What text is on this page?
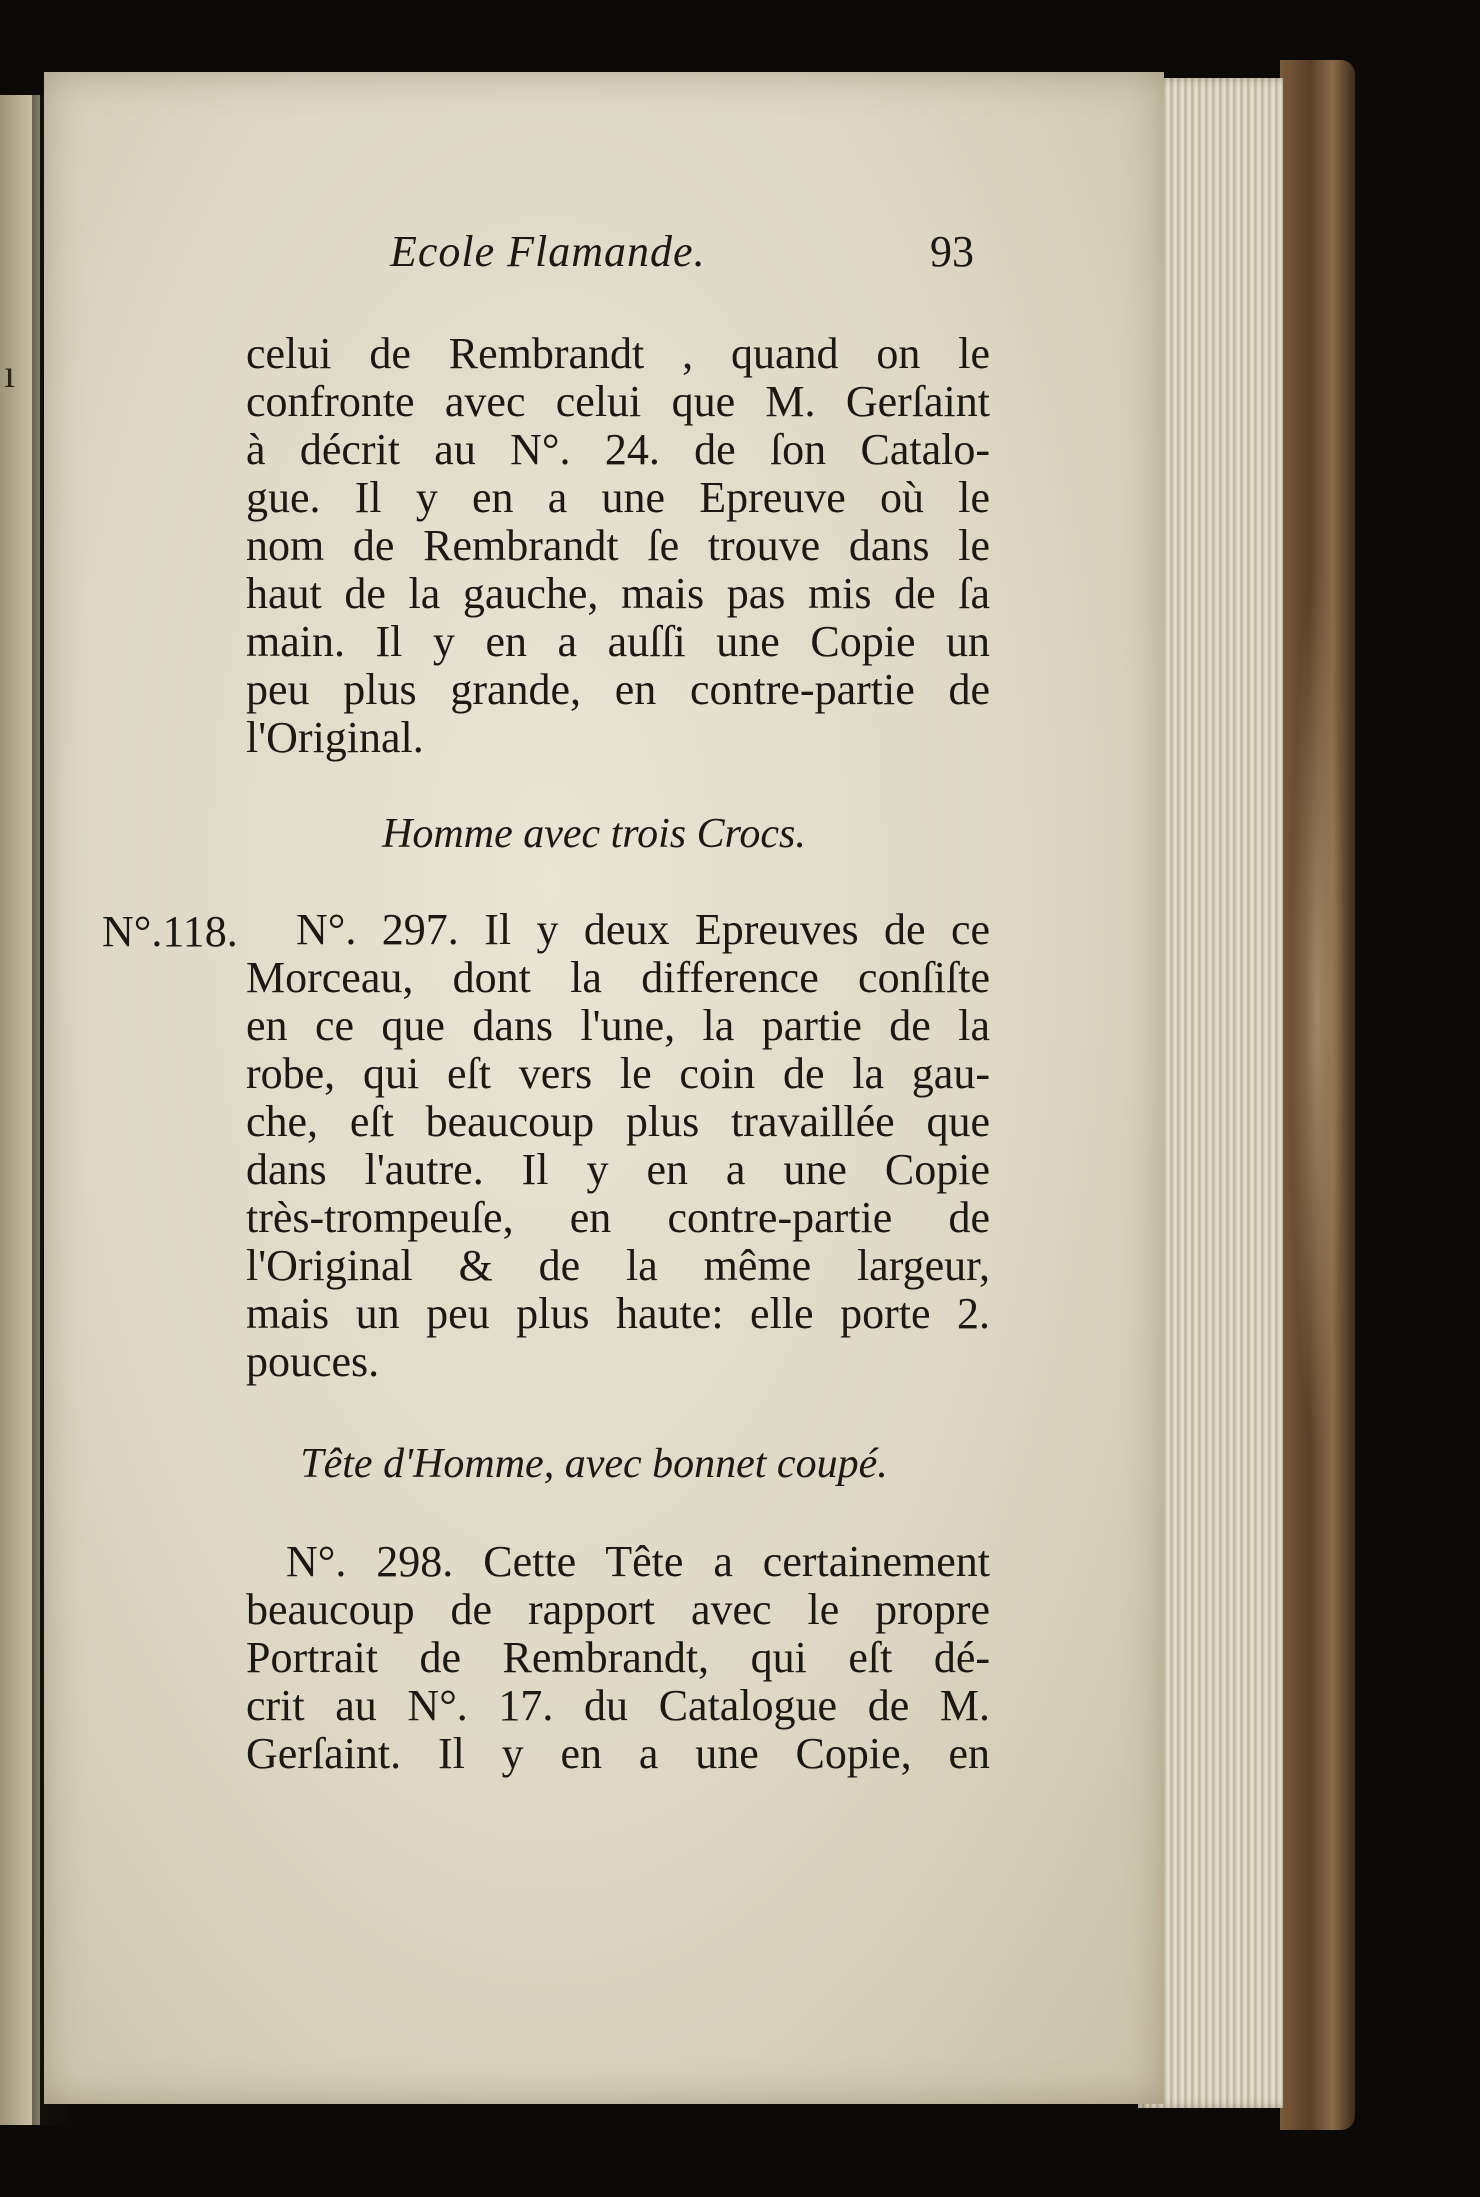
ı
Ecole Flamande.	93
celui de Rembrandt , quand on le
confronte avec celui que M. Gerſaint
à décrit au N°. 24. de ſon Catalo-
gue. Il y en a une Epreuve où le
nom de Rembrandt ſe trouve dans le
haut de la gauche, mais pas mis de ſa
main. Il y en a auſſi une Copie un
peu plus grande, en contre-partie de
l'Original.
Homme avec trois Crocs.
N°.118. N°. 297. Il y deux Epreuves de ce
Morceau, dont la difference conſiſte
en ce que dans l'une, la partie de la
robe, qui eſt vers le coin de la gau-
che, eſt beaucoup plus travaillée que
dans l'autre. Il y en a une Copie
très-trompeuſe, en contre-partie de
l'Original & de la même largeur,
mais un peu plus haute: elle porte 2.
pouces.
Tête d'Homme, avec bonnet coupé.
N°. 298. Cette Tête a certainement
beaucoup de rapport avec le propre
Portrait de Rembrandt, qui eſt dé-
crit au N°. 17. du Catalogue de M.
Gerſaint. Il y en a une Copie, en
